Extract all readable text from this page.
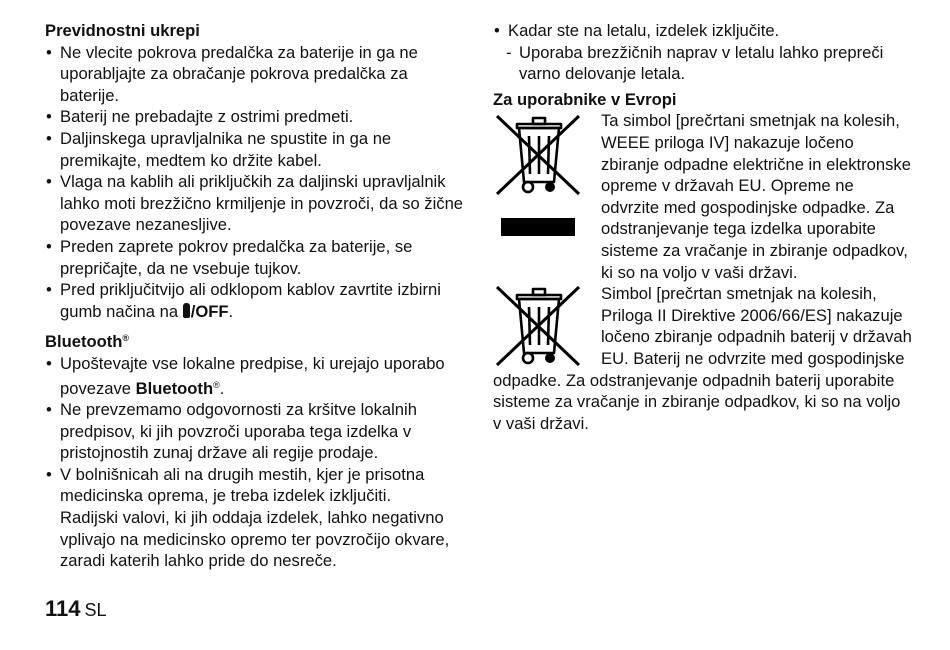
Previdnostni ukrepi

• Ne vlecite pokrova predalčka za baterije in ga ne uporabljajte za obračanje pokrova predalčka za baterije.
• Baterij ne prebadajte z ostrimi predmeti.
• Daljinskega upravljalnika ne spustite in ga ne premikajte, medtem ko držite kabel.
• Vlaga na kablih ali priključkih za daljinski upravljalnik lahko moti brezžično krmiljenje in povzroči, da so žične povezave nezanesljive.
• Preden zaprete pokrov predalčka za baterije, se prepričajte, da ne vsebuje tujkov.
• Pred priključitvijo ali odklopom kablov zavrtite izbirni gumb načina na /OFF.

Bluetooth®

• Upoštevajte vse lokalne predpise, ki urejajo uporabo povezave Bluetooth®.
• Ne prevzemamo odgovornosti za kršitve lokalnih predpisov, ki jih povzroči uporaba tega izdelka v pristojnostih zunaj države ali regije prodaje.
• V bolnišnicah ali na drugih mestih, kjer je prisotna medicinska oprema, je treba izdelek izključiti.
Radijski valovi, ki jih oddaja izdelek, lahko negativno vplivajo na medicinsko opremo ter povzročijo okvare, zaradi katerih lahko pride do nesreče.
• Kadar ste na letalu, izdelek izključite.
- Uporaba brezžičnih naprav v letalu lahko prepreči varno delovanje letala.

Za uporabnike v Evropi

Ta simbol [prečrtani smetnjak na kolesih, WEEE priloga IV] nakazuje ločeno zbiranje odpadne električne in elektronske opreme v državah EU. Opreme ne odvrzite med gospodinjske odpadke. Za odstranjevanje tega izdelka uporabite sisteme za vračanje in zbiranje odpadkov, ki so na voljo v vaši državi.
Simbol [prečrtan smetnjak na kolesih, Priloga II Direktive 2006/66/ES] nakazuje ločeno zbiranje odpadnih baterij v državah EU. Baterij ne odvrzite med gospodinjske odpadke. Za odstranjevanje odpadnih baterij uporabite sisteme za vračanje in zbiranje odpadkov, ki so na voljo v vaši državi.
114 SL
